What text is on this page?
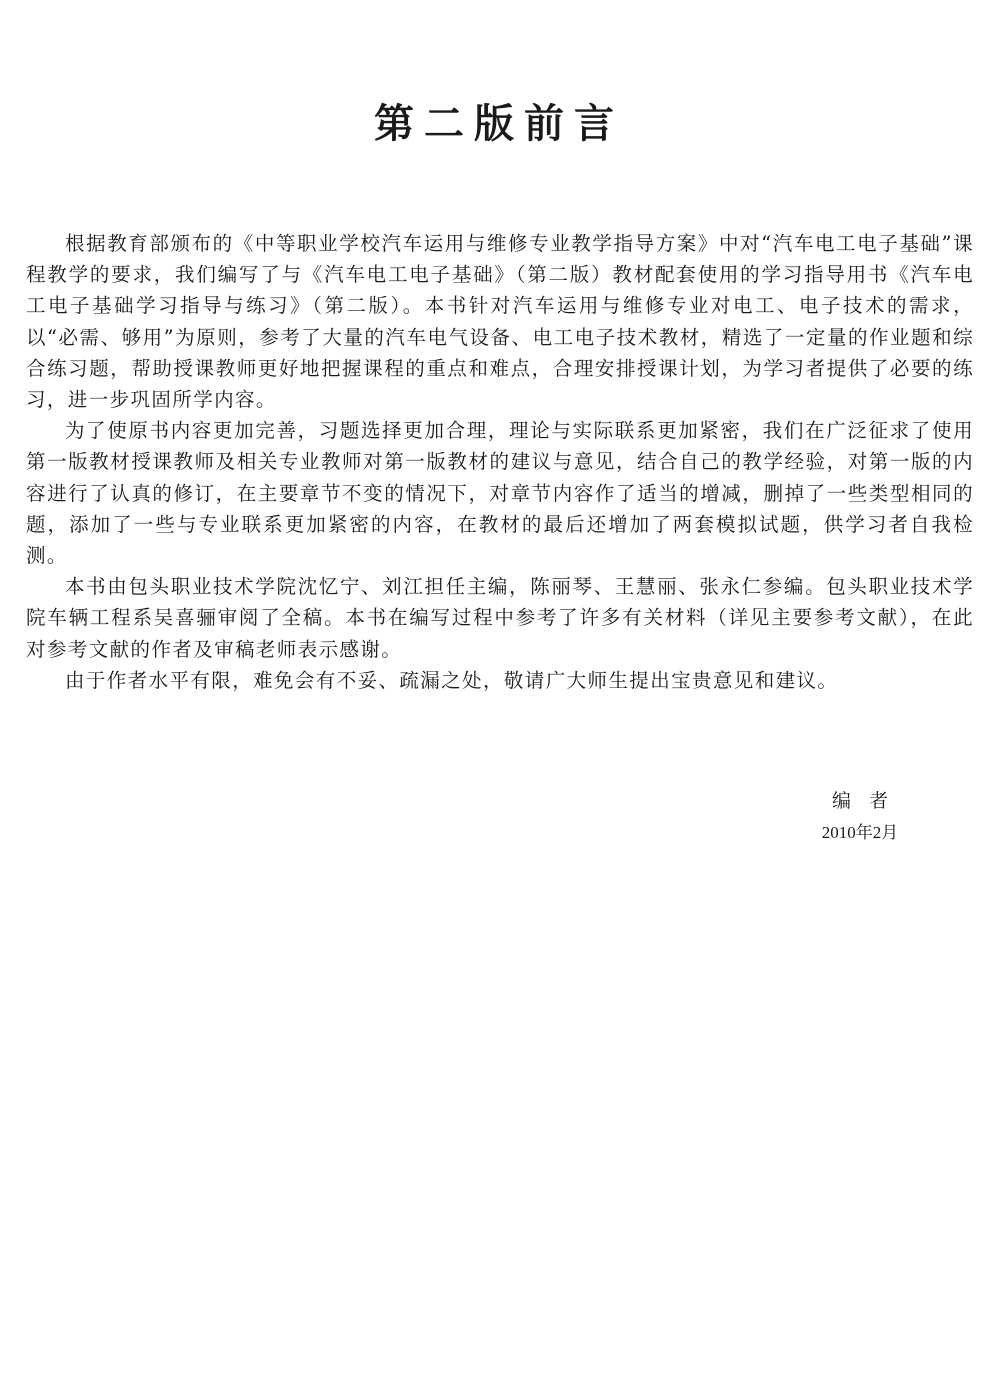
第二版前言

根据教育部颁布的《中等职业学校汽车运用与维修专业教学指导方案》中对“汽车电工电子基础”课程教学的要求，我们编写了与《汽车电工电子基础》（第二版）教材配套使用的学习指导用书《汽车电工电子基础学习指导与练习》（第二版）。本书针对汽车运用与维修专业对电工、电子技术的需求，以“必需、够用”为原则，参考了大量的汽车电气设备、电工电子技术教材，精选了一定量的作业题和综合练习题，帮助授课教师更好地把握课程的重点和难点，合理安排授课计划，为学习者提供了必要的练习，进一步巩固所学内容。

为了使原书内容更加完善，习题选择更加合理，理论与实际联系更加紧密，我们在广泛征求了使用第一版教材授课教师及相关专业教师对第一版教材的建议与意见，结合自己的教学经验，对第一版的内容进行了认真的修订，在主要章节不变的情况下，对章节内容作了适当的增减，删掉了一些类型相同的题，添加了一些与专业联系更加紧密的内容，在教材的最后还增加了两套模拟试题，供学习者自我检测。

本书由包头职业技术学院沈忆宁、刘江担任主编，陈丽琴、王慧丽、张永仁参编。包头职业技术学院车辆工程系吴喜骊审阅了全稿。本书在编写过程中参考了许多有关材料（详见主要参考文献），在此对参考文献的作者及审稿老师表示感谢。

由于作者水平有限，难免会有不妥、疏漏之处，敬请广大师生提出宝贵意见和建议。

编者
2010年2月
